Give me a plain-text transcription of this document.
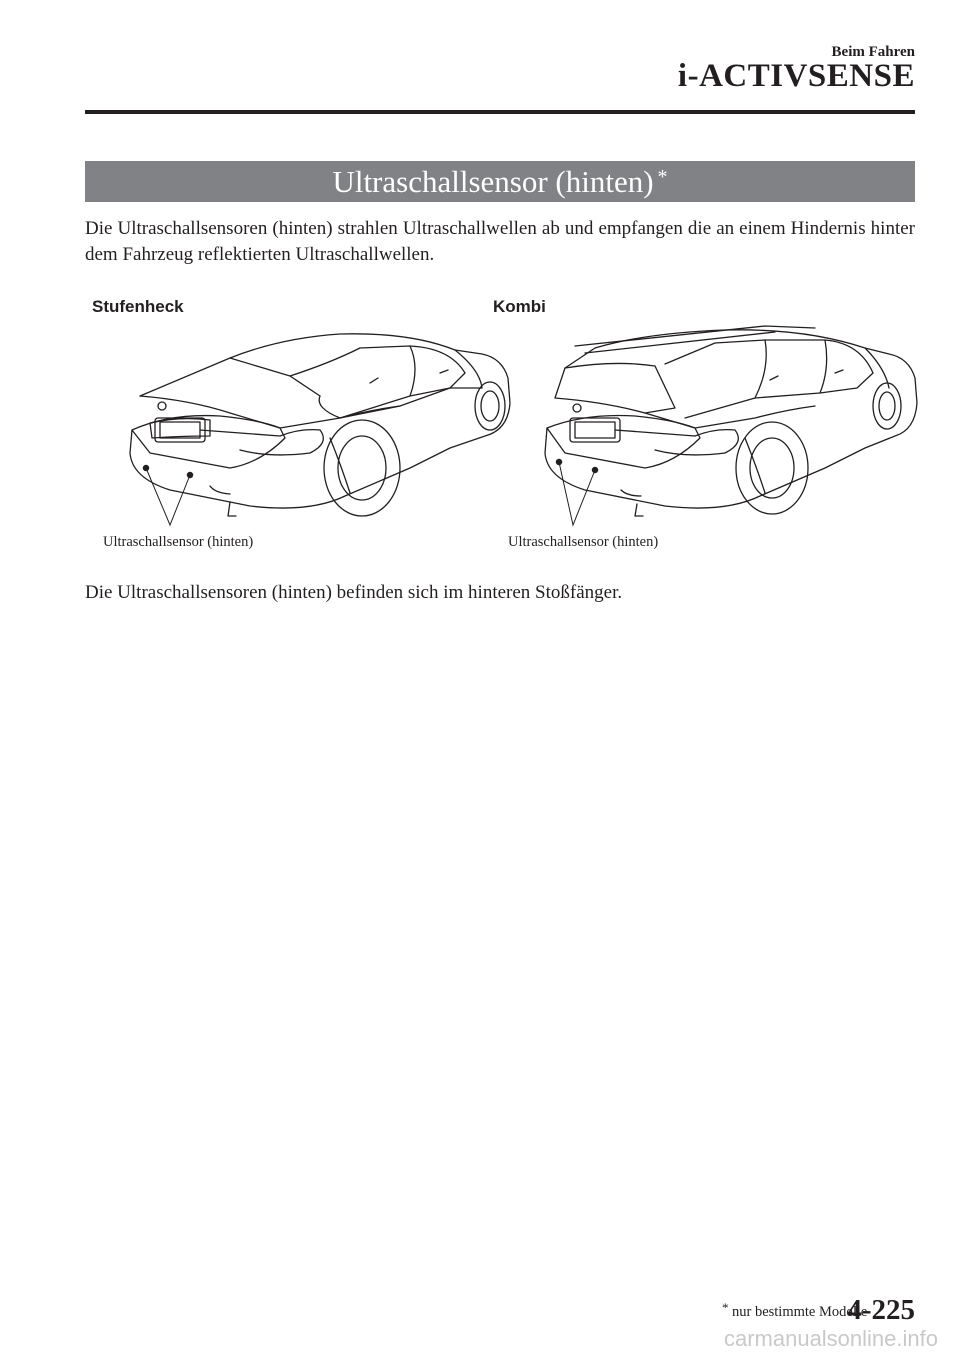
Beim Fahren
i-ACTIVSENSE
Ultraschallsensor (hinten) *
Die Ultraschallsensoren (hinten) strahlen Ultraschallwellen ab und empfangen die an einem Hindernis hinter dem Fahrzeug reflektierten Ultraschallwellen.
Stufenheck	Kombi
Ultraschallsensor (hinten)	Ultraschallsensor (hinten)
Die Ultraschallsensoren (hinten) befinden sich im hinteren Stoßfänger.
* nur bestimmte Modelle
4-225
carmanualsonline.info
